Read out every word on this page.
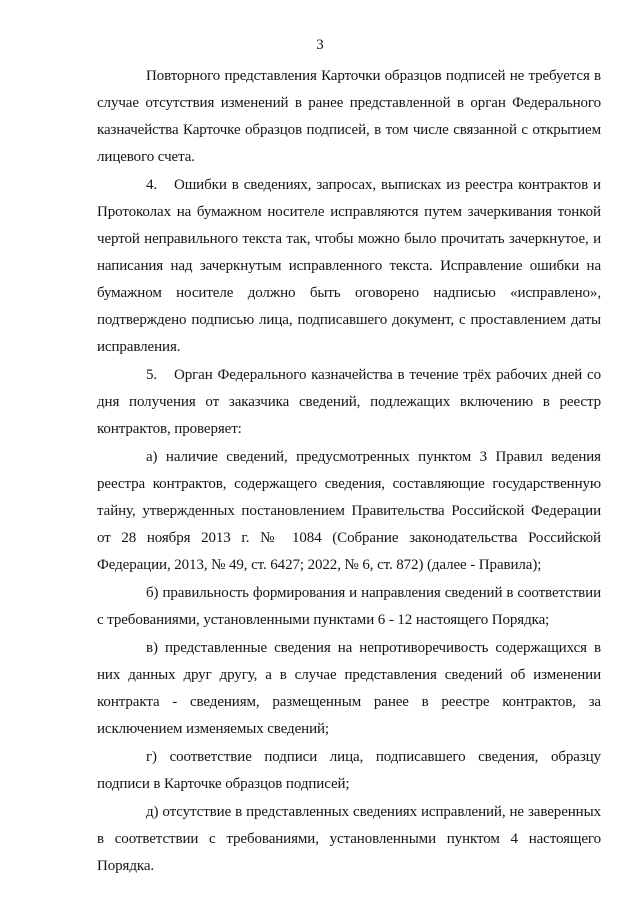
3

Повторного представления Карточки образцов подписей не требуется в случае отсутствия изменений в ранее представленной в орган Федерального казначейства Карточке образцов подписей, в том числе связанной с открытием лицевого счета.

4. Ошибки в сведениях, запросах, выписках из реестра контрактов и Протоколах на бумажном носителе исправляются путем зачеркивания тонкой чертой неправильного текста так, чтобы можно было прочитать зачеркнутое, и написания над зачеркнутым исправленного текста. Исправление ошибки на бумажном носителе должно быть оговорено надписью «исправлено», подтверждено подписью лица, подписавшего документ, с проставлением даты исправления.

5. Орган Федерального казначейства в течение трёх рабочих дней со дня получения от заказчика сведений, подлежащих включению в реестр контрактов, проверяет:

а) наличие сведений, предусмотренных пунктом 3 Правил ведения реестра контрактов, содержащего сведения, составляющие государственную тайну, утвержденных постановлением Правительства Российской Федерации от 28 ноября 2013 г. № 1084 (Собрание законодательства Российской Федерации, 2013, № 49, ст. 6427; 2022, № 6, ст. 872) (далее - Правила);

б) правильность формирования и направления сведений в соответствии с требованиями, установленными пунктами 6 - 12 настоящего Порядка;

в) представленные сведения на непротиворечивость содержащихся в них данных друг другу, а в случае представления сведений об изменении контракта - сведениям, размещенным ранее в реестре контрактов, за исключением изменяемых сведений;

г) соответствие подписи лица, подписавшего сведения, образцу подписи в Карточке образцов подписей;

д) отсутствие в представленных сведениях исправлений, не заверенных в соответствии с требованиями, установленными пунктом 4 настоящего Порядка.
